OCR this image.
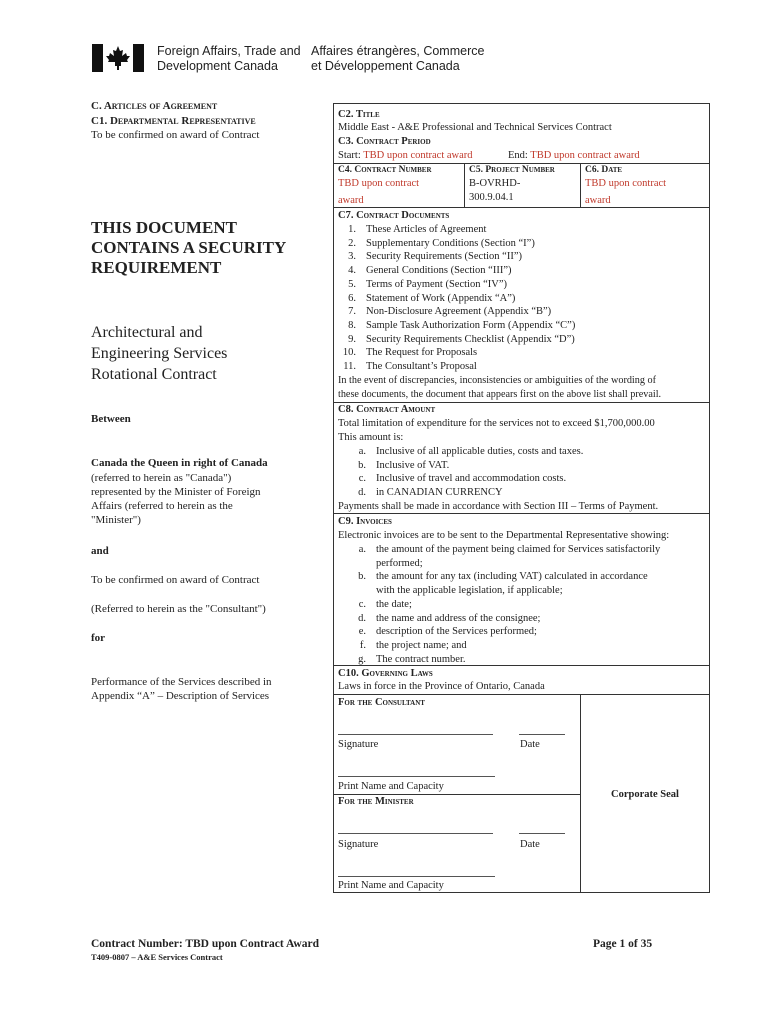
Foreign Affairs, Trade and
Development Canada
Affaires étrangères, Commerce
et Développement Canada
C. Articles of Agreement
C1. Departmental Representative
To be confirmed on award of Contract
THIS DOCUMENT
CONTAINS A SECURITY
REQUIREMENT
Architectural and
Engineering Services
Rotational Contract
Between
Canada the Queen in right of Canada
(referred to herein as "Canada")
represented by the Minister of Foreign
Affairs (referred to herein as the
"Minister")
and
To be confirmed on award of Contract
(Referred to herein as the "Consultant")
for
Performance of the Services described in
Appendix “A” – Description of Services
C2. Title
Middle East - A&E Professional and Technical Services Contract
C3. Contract Period
Start: TBD upon contract award	End: TBD upon contract award
C4. Contract Number
TBD upon contract
award
C5. Project Number
B-OVRHD-
300.9.04.1
C6. Date
TBD upon contract
award
C7. Contract Documents
1. These Articles of Agreement
2. Supplementary Conditions (Section “I”)
3. Security Requirements (Section “II”)
4. General Conditions (Section “III”)
5. Terms of Payment (Section “IV”)
6. Statement of Work (Appendix “A”)
7. Non-Disclosure Agreement (Appendix “B”)
8. Sample Task Authorization Form (Appendix “C”)
9. Security Requirements Checklist (Appendix “D”)
10. The Request for Proposals
11. The Consultant’s Proposal
In the event of discrepancies, inconsistencies or ambiguities of the wording of
these documents, the document that appears first on the above list shall prevail.
C8. Contract Amount
Total limitation of expenditure for the services not to exceed $1,700,000.00
This amount is:
a. Inclusive of all applicable duties, costs and taxes.
b. Inclusive of VAT.
c. Inclusive of travel and accommodation costs.
d. in CANADIAN CURRENCY
Payments shall be made in accordance with Section III – Terms of Payment.
C9. Invoices
Electronic invoices are to be sent to the Departmental Representative showing:
a. the amount of the payment being claimed for Services satisfactorily
performed;
b. the amount for any tax (including VAT) calculated in accordance
with the applicable legislation, if applicable;
c. the date;
d. the name and address of the consignee;
e. description of the Services performed;
f. the project name; and
g. The contract number.
C10. Governing Laws
Laws in force in the Province of Ontario, Canada
For the Consultant
Signature	Date
Print Name and Capacity
For the Minister
Signature	Date
Print Name and Capacity
Corporate Seal
Contract Number: TBD upon Contract Award	Page 1 of 35
T409-0807 – A&E Services Contract
